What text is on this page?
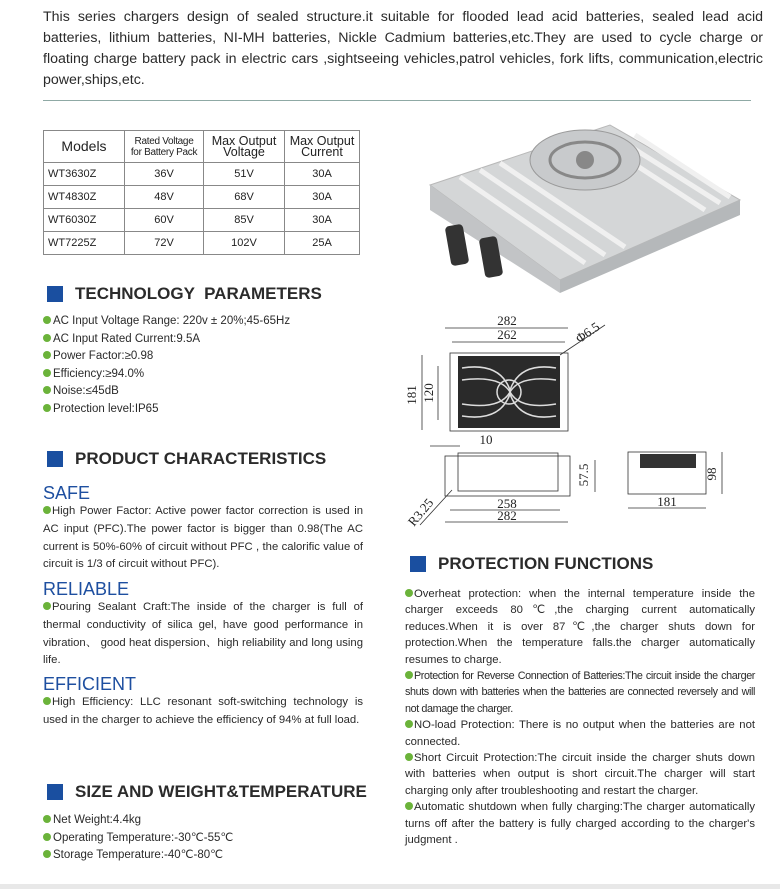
This series chargers design of sealed structure.it suitable for flooded lead acid batteries, sealed lead acid batteries, lithium batteries, NI-MH batteries, Nickle Cadmium batteries,etc.They are used to cycle charge or floating charge battery pack in electric cars ,sightseeing vehicles,patrol vehicles, fork lifts, communication,electric power,ships,etc.
Models	Rated Voltage for Battery Pack	Max Output Voltage	Max Output Current
WT3630Z	36V	51V	30A
WT4830Z	48V	68V	30A
WT6030Z	60V	85V	30A
WT7225Z	72V	102V	25A
TECHNOLOGY  PARAMETERS
AC Input Voltage Range: 220v ± 20%;45-65Hz
AC Input Rated Current:9.5A
Power Factor:≥0.98
Efficiency:≥94.0%
Noise:≤45dB
Protection level:IP65
PRODUCT CHARACTERISTICS
SAFE
High Power Factor: Active power factor correction is used in AC input (PFC).The power factor is bigger than 0.98(The AC current is 50%-60% of circuit without PFC , the calorific value of circuit is 1/3 of circuit without PFC).
RELIABLE
Pouring Sealant Craft:The inside of the charger is full of thermal conductivity of silica gel, have good performance in vibration、 good heat dispersion、high reliability and long using life.
EFFICIENT
High Efficiency: LLC resonant soft-switching technology is used in the charger to achieve the efficiency of 94% at full load.
SIZE AND WEIGHT&TEMPERATURE
Net Weight:4.4kg
Operating Temperature:-30℃-55℃
Storage Temperature:-40℃-80℃
282
262	Φ6.5
181 120
10
57.5
258
282
R3.25	181
98
PROTECTION FUNCTIONS
Overheat protection: when the internal temperature inside the charger exceeds 80℃,the charging current automatically reduces.When it is over 87℃,the charger shuts down for protection.When the temperature falls.the charger automatically resumes to charge.
Protection for Reverse Connection of Batteries:The circuit inside the charger shuts down with batteries when the batteries are connected reversely and will not damage the charger.
NO-load Protection: There is no output when the batteries are not connected.
Short Circuit Protection:The circuit inside the charger shuts down with batteries when output is short circuit.The charger will start charging only after troubleshooting and restart the charger.
Automatic shutdown when fully charging:The charger automatically turns off after the battery is fully charged according to the charger's judgment .
